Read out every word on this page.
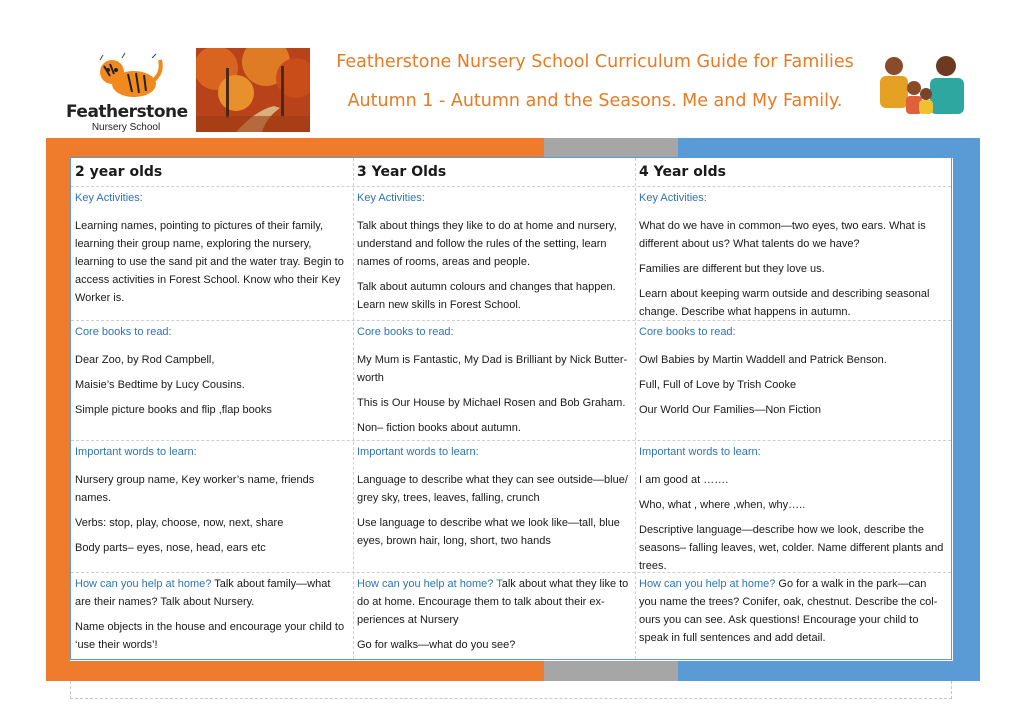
Featherstone
Nursery School
Featherstone Nursery School Curriculum Guide for Families
Autumn 1 - Autumn and the Seasons. Me and My Family.
2 year olds	3 Year Olds	4 Year olds
Key Activities:

Learning names, pointing to pictures of their family, learning their group name, exploring the nursery, learning to use the sand pit and the water tray. Begin to access activities in Forest School. Know who their Key Worker is.

Key Activities:

Talk about things they like to do at home and nursery, understand and follow the rules of the setting, learn names of rooms, areas and people.

Talk about autumn colours and changes that happen. Learn new skills in Forest School.

Key Activities:

What do we have in common—two eyes, two ears. What is different about us? What talents do we have?

Families are different but they love us.

Learn about keeping warm outside and describing seasonal change. Describe what happens in autumn.

Core books to read:

Dear Zoo, by Rod Campbell,

Maisie’s Bedtime by Lucy Cousins.

Simple picture books and flip ,flap books

Core books to read:

My Mum is Fantastic, My Dad is Brilliant by Nick Butter-worth

This is Our House by Michael Rosen and Bob Graham.

Non– fiction books about autumn.

Core books to read:

Owl Babies by Martin Waddell and Patrick Benson.

Full, Full of Love by Trish Cooke

Our World Our Families—Non Fiction

Important words to learn:

Nursery group name, Key worker’s name, friends names.

Verbs: stop, play, choose, now, next, share

Body parts– eyes, nose, head, ears etc

Important words to learn:

Language to describe what they can see outside—blue/ grey sky, trees, leaves, falling, crunch

Use language to describe what we look like—tall, blue eyes, brown hair, long, short, two hands

Important words to learn:

I am good at …….

Who, what , where ,when, why…..

Descriptive language—describe how we look, describe the seasons– falling leaves, wet, colder. Name different plants and trees.

How can you help at home? Talk about family—what are their names? Talk about Nursery.

Name objects in the house and encourage your child to ‘use their words’!

How can you help at home? Talk about what they like to do at home. Encourage them to talk about their ex-periences at Nursery

Go for walks—what do you see?

How can you help at home? Go for a walk in the park—can you name the trees? Conifer, oak, chestnut. Describe the col-ours you can see. Ask questions! Encourage your child to speak in full sentences and add detail.
